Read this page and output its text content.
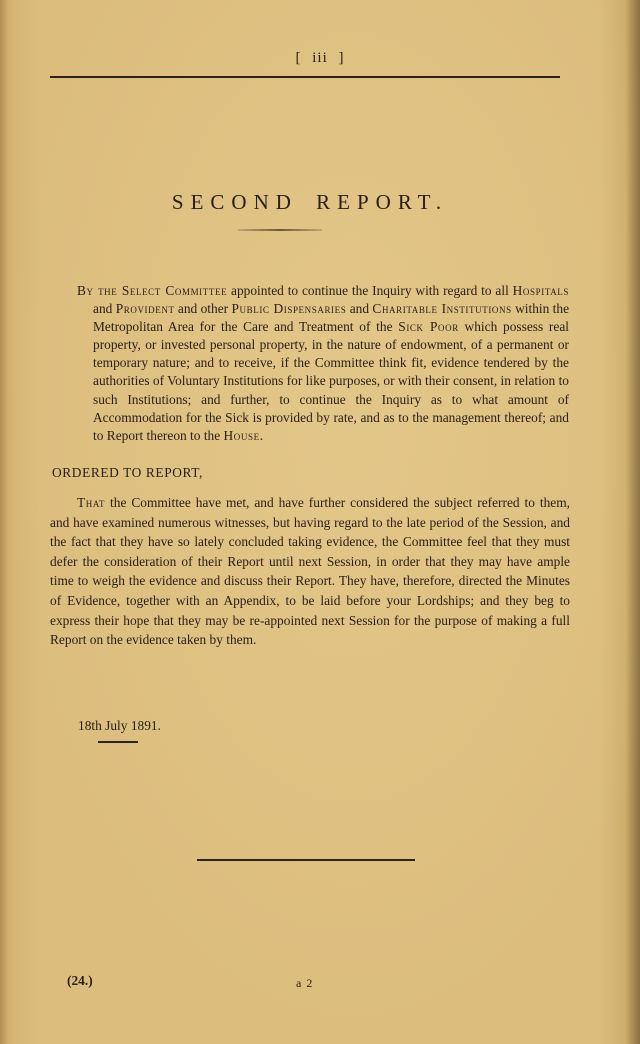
[ iii ]
SECOND REPORT.
By the Select Committee appointed to continue the Inquiry with regard to all Hospitals and Provident and other Public Dispensaries and Charitable Institutions within the Metropolitan Area for the Care and Treatment of the Sick Poor which possess real property, or invested personal property, in the nature of endowment, of a permanent or temporary nature; and to receive, if the Committee think fit, evidence tendered by the authorities of Voluntary Institutions for like purposes, or with their consent, in relation to such Institutions; and further, to continue the Inquiry as to what amount of Accommodation for the Sick is provided by rate, and as to the management thereof; and to Report thereon to the House.
ORDERED TO REPORT,
That the Committee have met, and have further considered the subject referred to them, and have examined numerous witnesses, but having regard to the late period of the Session, and the fact that they have so lately concluded taking evidence, the Committee feel that they must defer the consideration of their Report until next Session, in order that they may have ample time to weigh the evidence and discuss their Report. They have, therefore, directed the Minutes of Evidence, together with an Appendix, to be laid before your Lordships; and they beg to express their hope that they may be re-appointed next Session for the purpose of making a full Report on the evidence taken by them.
18th July 1891.
(24.)	a 2
